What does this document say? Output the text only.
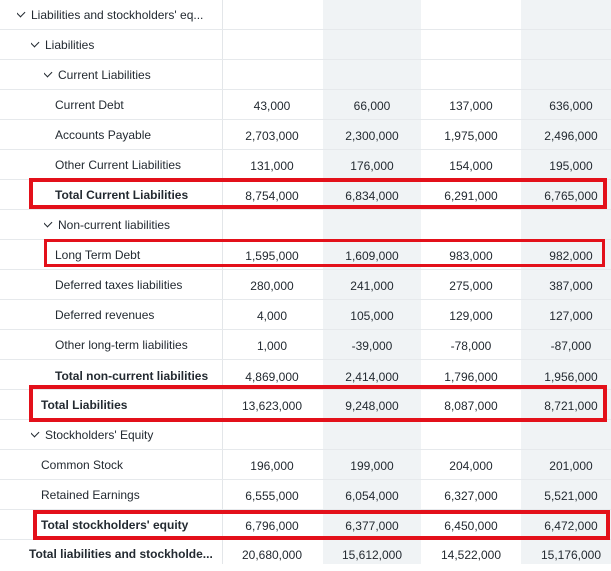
Liabilities and stockholders' eq...
Liabilities
Current Liabilities
Current Debt	43,000	66,000	137,000	636,000
Accounts Payable	2,703,000	2,300,000	1,975,000	2,496,000
Other Current Liabilities	131,000	176,000	154,000	195,000
Total Current Liabilities	8,754,000	6,834,000	6,291,000	6,765,000
Non-current liabilities
Long Term Debt	1,595,000	1,609,000	983,000	982,000
Deferred taxes liabilities	280,000	241,000	275,000	387,000
Deferred revenues	4,000	105,000	129,000	127,000
Other long-term liabilities	1,000	-39,000	-78,000	-87,000
Total non-current liabilities	4,869,000	2,414,000	1,796,000	1,956,000
Total Liabilities	13,623,000	9,248,000	8,087,000	8,721,000
Stockholders' Equity
Common Stock	196,000	199,000	204,000	201,000
Retained Earnings	6,555,000	6,054,000	6,327,000	5,521,000
Total stockholders' equity	6,796,000	6,377,000	6,450,000	6,472,000
Total liabilities and stockholde...	20,680,000	15,612,000	14,522,000	15,176,000
